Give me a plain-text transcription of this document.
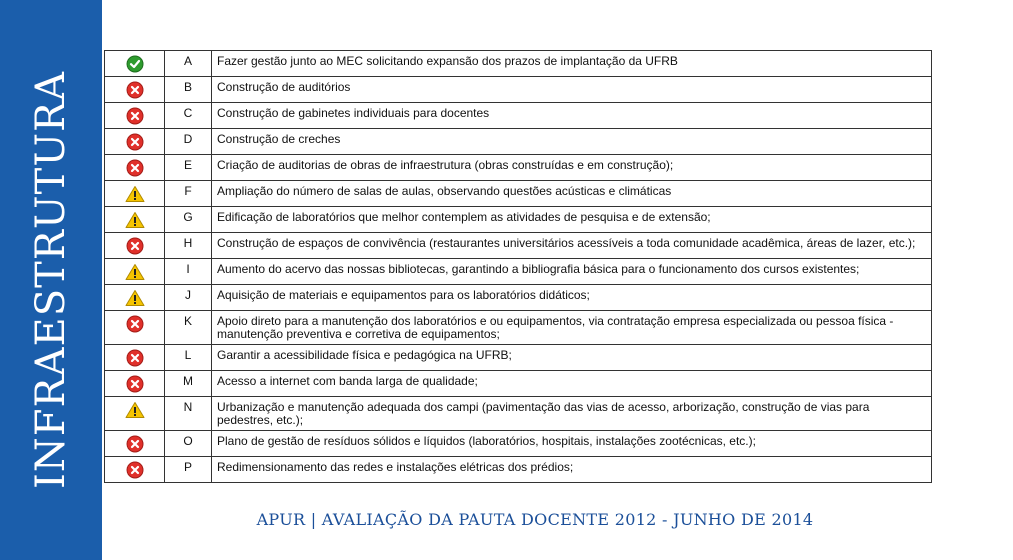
INFRAESTRUTURA
	A	Fazer gestão junto ao MEC solicitando expansão dos prazos de implantação da UFRB

	B	Construção de auditórios

	C	Construção de gabinetes individuais para docentes

	D	Construção de creches

	E	Criação de auditorias de obras de infraestrutura (obras construídas e em construção);

	F	Ampliação do número de salas de aulas, observando questões acústicas e climáticas

	G	Edificação de laboratórios que melhor contemplem as atividades de pesquisa e de extensão;

	H	Construção de espaços de convivência (restaurantes universitários acessíveis a toda comunidade acadêmica, áreas de lazer, etc.);

	I	Aumento do acervo das nossas bibliotecas, garantindo a bibliografia básica para o funcionamento dos cursos existentes;

	J	Aquisição de materiais e equipamentos para os laboratórios didáticos;

	K	Apoio direto para a manutenção dos laboratórios e ou equipamentos, via contratação empresa especializada ou pessoa física - manutenção preventiva e corretiva de equipamentos;

	L	Garantir a acessibilidade física e pedagógica na UFRB;

	M	Acesso a internet com banda larga de qualidade;

	N	Urbanização e manutenção adequada dos campi (pavimentação das vias de acesso, arborização, construção de vias para pedestres, etc.);

	O	Plano de gestão de resíduos sólidos e líquidos (laboratórios, hospitais, instalações zootécnicas, etc.);

	P	Redimensionamento das redes e instalações elétricas dos prédios;
APUR | AVALIAÇÃO DA PAUTA DOCENTE 2012 - JUNHO DE 2014
